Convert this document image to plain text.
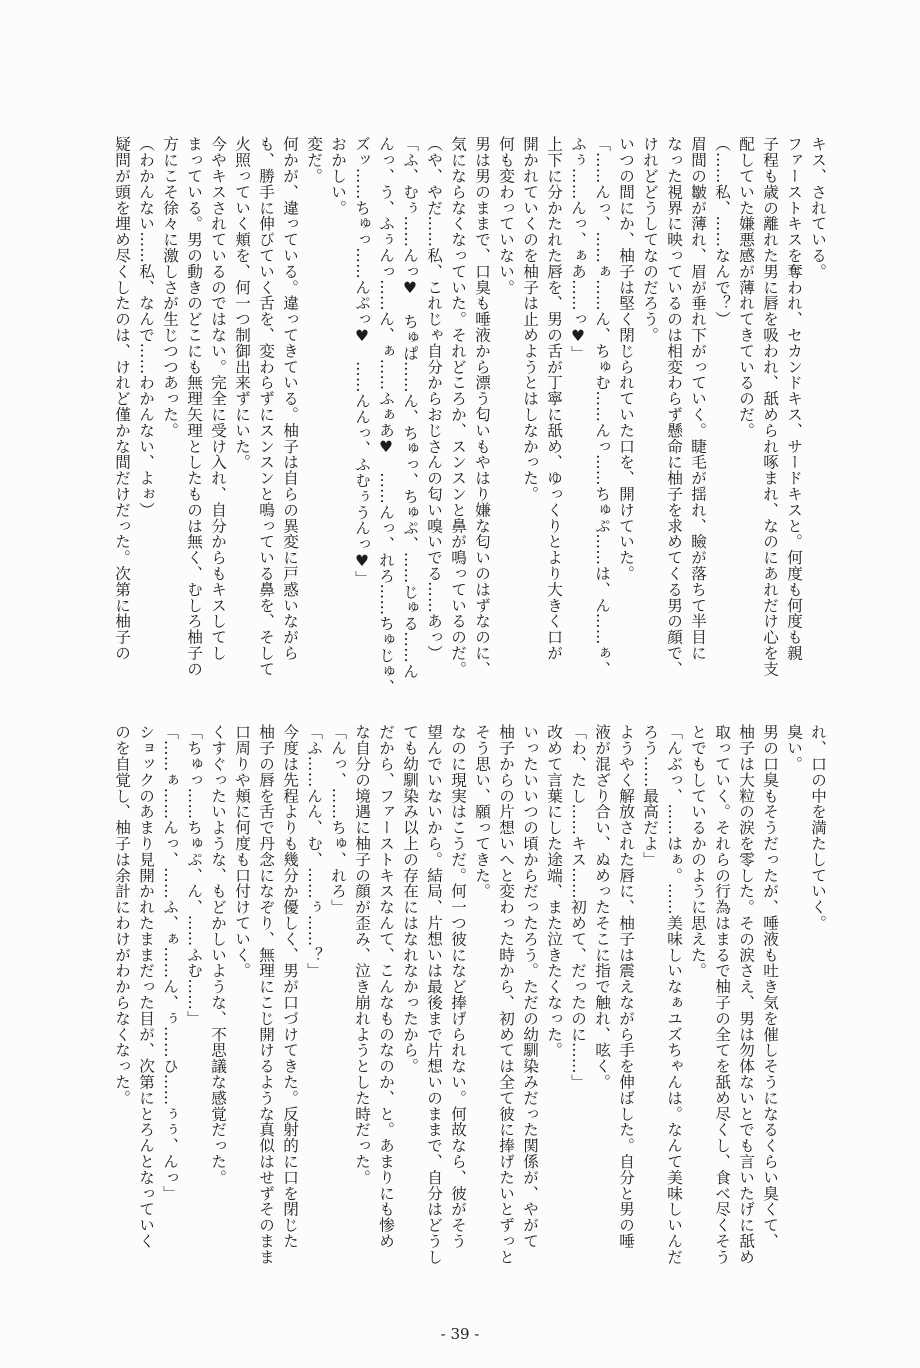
キス、されている。
ファーストキスを奪われ、セカンドキス、サードキスと。何度も何度も親
子程も歳の離れた男に唇を吸われ、舐められ啄まれ、なのにあれだけ心を支
配していた嫌悪感が薄れてきているのだ。
（……私、……なんで？）
眉間の皺が薄れ、眉が垂れ下がっていく。睫毛が揺れ、瞼が落ちて半目に
なった視界に映っているのは相変わらず懸命に柚子を求めてくる男の顔で、
けれどどうしてなのだろう。
いつの間にか、柚子は堅く閉じられていた口を、開けていた。
「……んっ、……ぁ……ん、ちゅむ……んっ……ちゅぷ……は、ん……ぁ、
ふぅ……んっ、ぁあ……っ♥」
上下に分かたれた唇を、男の舌が丁寧に舐め、ゆっくりとより大きく口が
開かれていくのを柚子は止めようとはしなかった。
何も変わっていない。
男は男のままで、口臭も唾液から漂う匂いもやはり嫌な匂いのはずなのに、
気にならなくなっていた。それどころか、スンスンと鼻が鳴っているのだ。
（や、やだ……私、これじゃ自分からおじさんの匂い嗅いでる……あっ）
「ふ、むぅ……んっ♥　ちゅぱ……ん、ちゅっ、ちゅぷ、……じゅる……ん
んっ、う、ふぅんっ……ん、ぁ……ふぁあ♥　……んっ、れろ……ちゅじゅ、
ズッ……ちゅっ……んぷっ♥　……んんっ、ふむぅうんっ♥」
おかしい。
変だ。
何かが、違っている。違ってきている。柚子は自らの異変に戸惑いながら
も、勝手に伸びていく舌を、変わらずにスンスンと鳴っている鼻を、そして
火照っていく頬を、何一つ制御出来ずにいた。
今やキスされているのではない。完全に受け入れ、自分からもキスしてし
まっている。男の動きのどこにも無理矢理としたものは無く、むしろ柚子の
方にこそ徐々に激しさが生じつつあった。
（わかんない……私、なんで……わかんない、よぉ）
疑問が頭を埋め尽くしたのは、けれど僅かな間だけだった。次第に柚子の
れ、口の中を満たしていく。
臭い。
男の口臭もそうだったが、唾液も吐き気を催しそうになるくらい臭くて、
柚子は大粒の涙を零した。その涙さえ、男は勿体ないとでも言いたげに舐め
取っていく。それらの行為はまるで柚子の全てを舐め尽くし、食べ尽くそう
とでもしているかのように思えた。
「んぶっ、……はぁ。……美味しいなぁユズちゃんは。なんて美味しいんだ
ろう……最高だよ」
ようやく解放された唇に、柚子は震えながら手を伸ばした。自分と男の唾
液が混ざり合い、ぬめったそこに指で触れ、呟く。
「わ、たし……キス……初めて、だったのに……」
改めて言葉にした途端、また泣きたくなった。
いったいいつの頃からだったろう。ただの幼馴染みだった関係が、やがて
柚子からの片想いへと変わった時から、初めては全て彼に捧げたいとずっと
そう思い、願ってきた。
なのに現実はこうだ。何一つ彼になど捧げられない。何故なら、彼がそう
望んでいないから。結局、片想いは最後まで片想いのままで、自分はどうし
ても幼馴染み以上の存在にはなれなかったから。
だから、ファーストキスなんて、こんなものなのか、と。あまりにも惨め
な自分の境遇に柚子の顔が歪み、泣き崩れようとした時だった。
「んっ、……ちゅ、れろ」
「ふ……んん、む、……ぅ……？」
今度は先程よりも幾分か優しく、男が口づけてきた。反射的に口を閉じた
柚子の唇を舌で丹念になぞり、無理にこじ開けるような真似はせずそのまま
口周りや頬に何度も口付けていく。
くすぐったいような、もどかしいような、不思議な感覚だった。
「ちゅっ……ちゅぷ、ん、……ふむ……」
「……ぁ……んっ、……ふ、ぁ……ん、ぅ……ひ……ぅぅ、んっ」
ショックのあまり見開かれたままだった目が、次第にとろんとなっていく
のを自覚し、柚子は余計にわけがわからなくなった。
- 39 -
